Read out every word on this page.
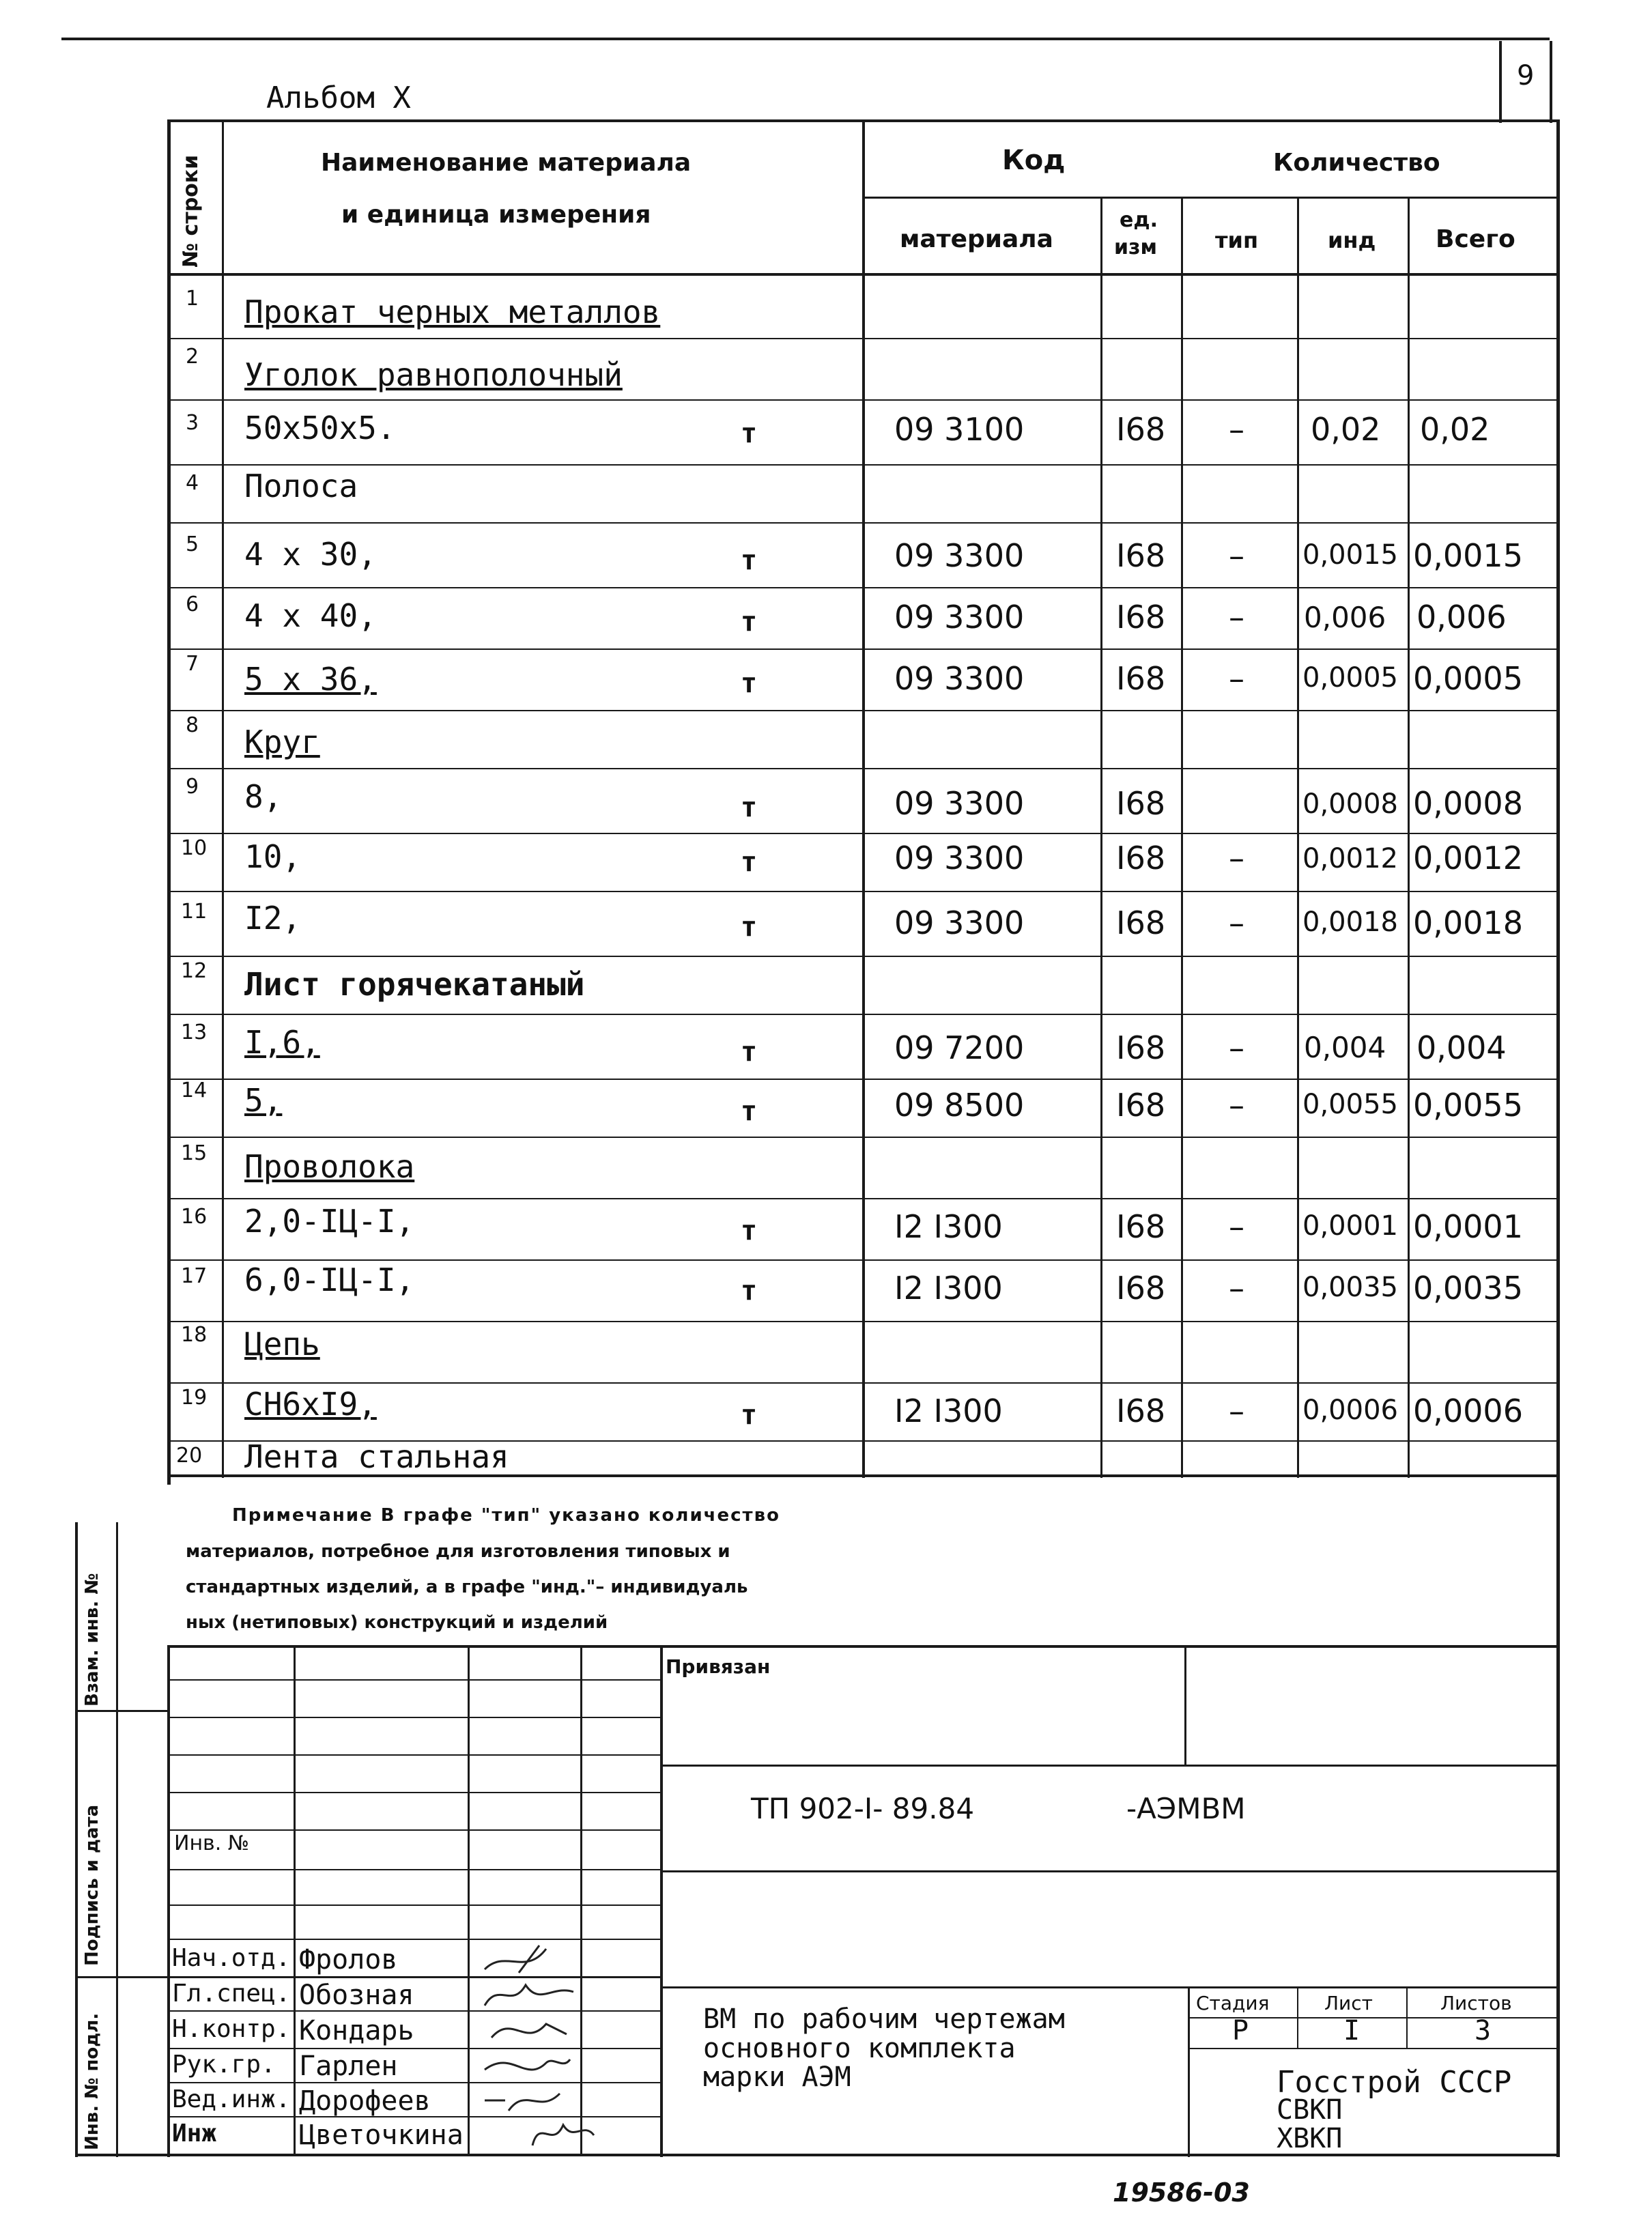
9
Альбом X
№ строки	Наименование материала
и единица измерения
Код	Количество
материала
ед.
изм	тип	инд Всего
1 Прокат черных металлов
2 Уголок равнополочный
3 50x50x5.	т	09 3100	I68 – 0,02 0,02
4 Полоса
5 4 x 30,	т	09 3300	I68 – 0,0015 0,0015
6 4 x 40,	т	09 3300	I68 – 0,006 0,006
7 5 x 36,	т	09 3300	I68 – 0,0005 0,0005
8 Круг
9 8,	т	09 3300	I68	0,0008 0,0008
10 10,	т	09 3300	I68 – 0,0012 0,0012
11 I2,	т	09 3300	I68 – 0,0018 0,0018
12 Лист горячекатаный
13 I,6,	т	09 7200	I68 – 0,004 0,004
14 5,	т	09 8500	I68 – 0,0055 0,0055
15 Проволока
16 2,0-IЦ-I,	т	I2 I300	I68 – 0,0001 0,0001
17 6,0-IЦ-I,	т	I2 I300	I68 – 0,0035 0,0035
18 Цепь
19 CH6xI9,	т	I2 I300	I68 – 0,0006 0,0006
20 Лента стальная
Примечание В графе "тип" указано количество
материалов, потребное для изготовления типовых и
стандартных изделий, а в графе "инд."– индивидуаль
ных (нетиповых) конструкций и изделий
Привязан
Инв. №
ТП 902-I- 89.84	-АЭМВМ
ВМ по рабочим чертежам
основного комплекта
марки АЭМ
Стадия	Лист	Листов
Р	I	3
Госстрой СССР
СВКП
ХВКП
Нач.отд. Фролов
Гл.спец. Обозная
Н.контр. Кондарь
Рук.гр. Гарлен
Вед.инж. Дорофеев
Инж	Цветочкина
Взам. инв. №
Подпись и дата
Инв. № подл.
19586-03
